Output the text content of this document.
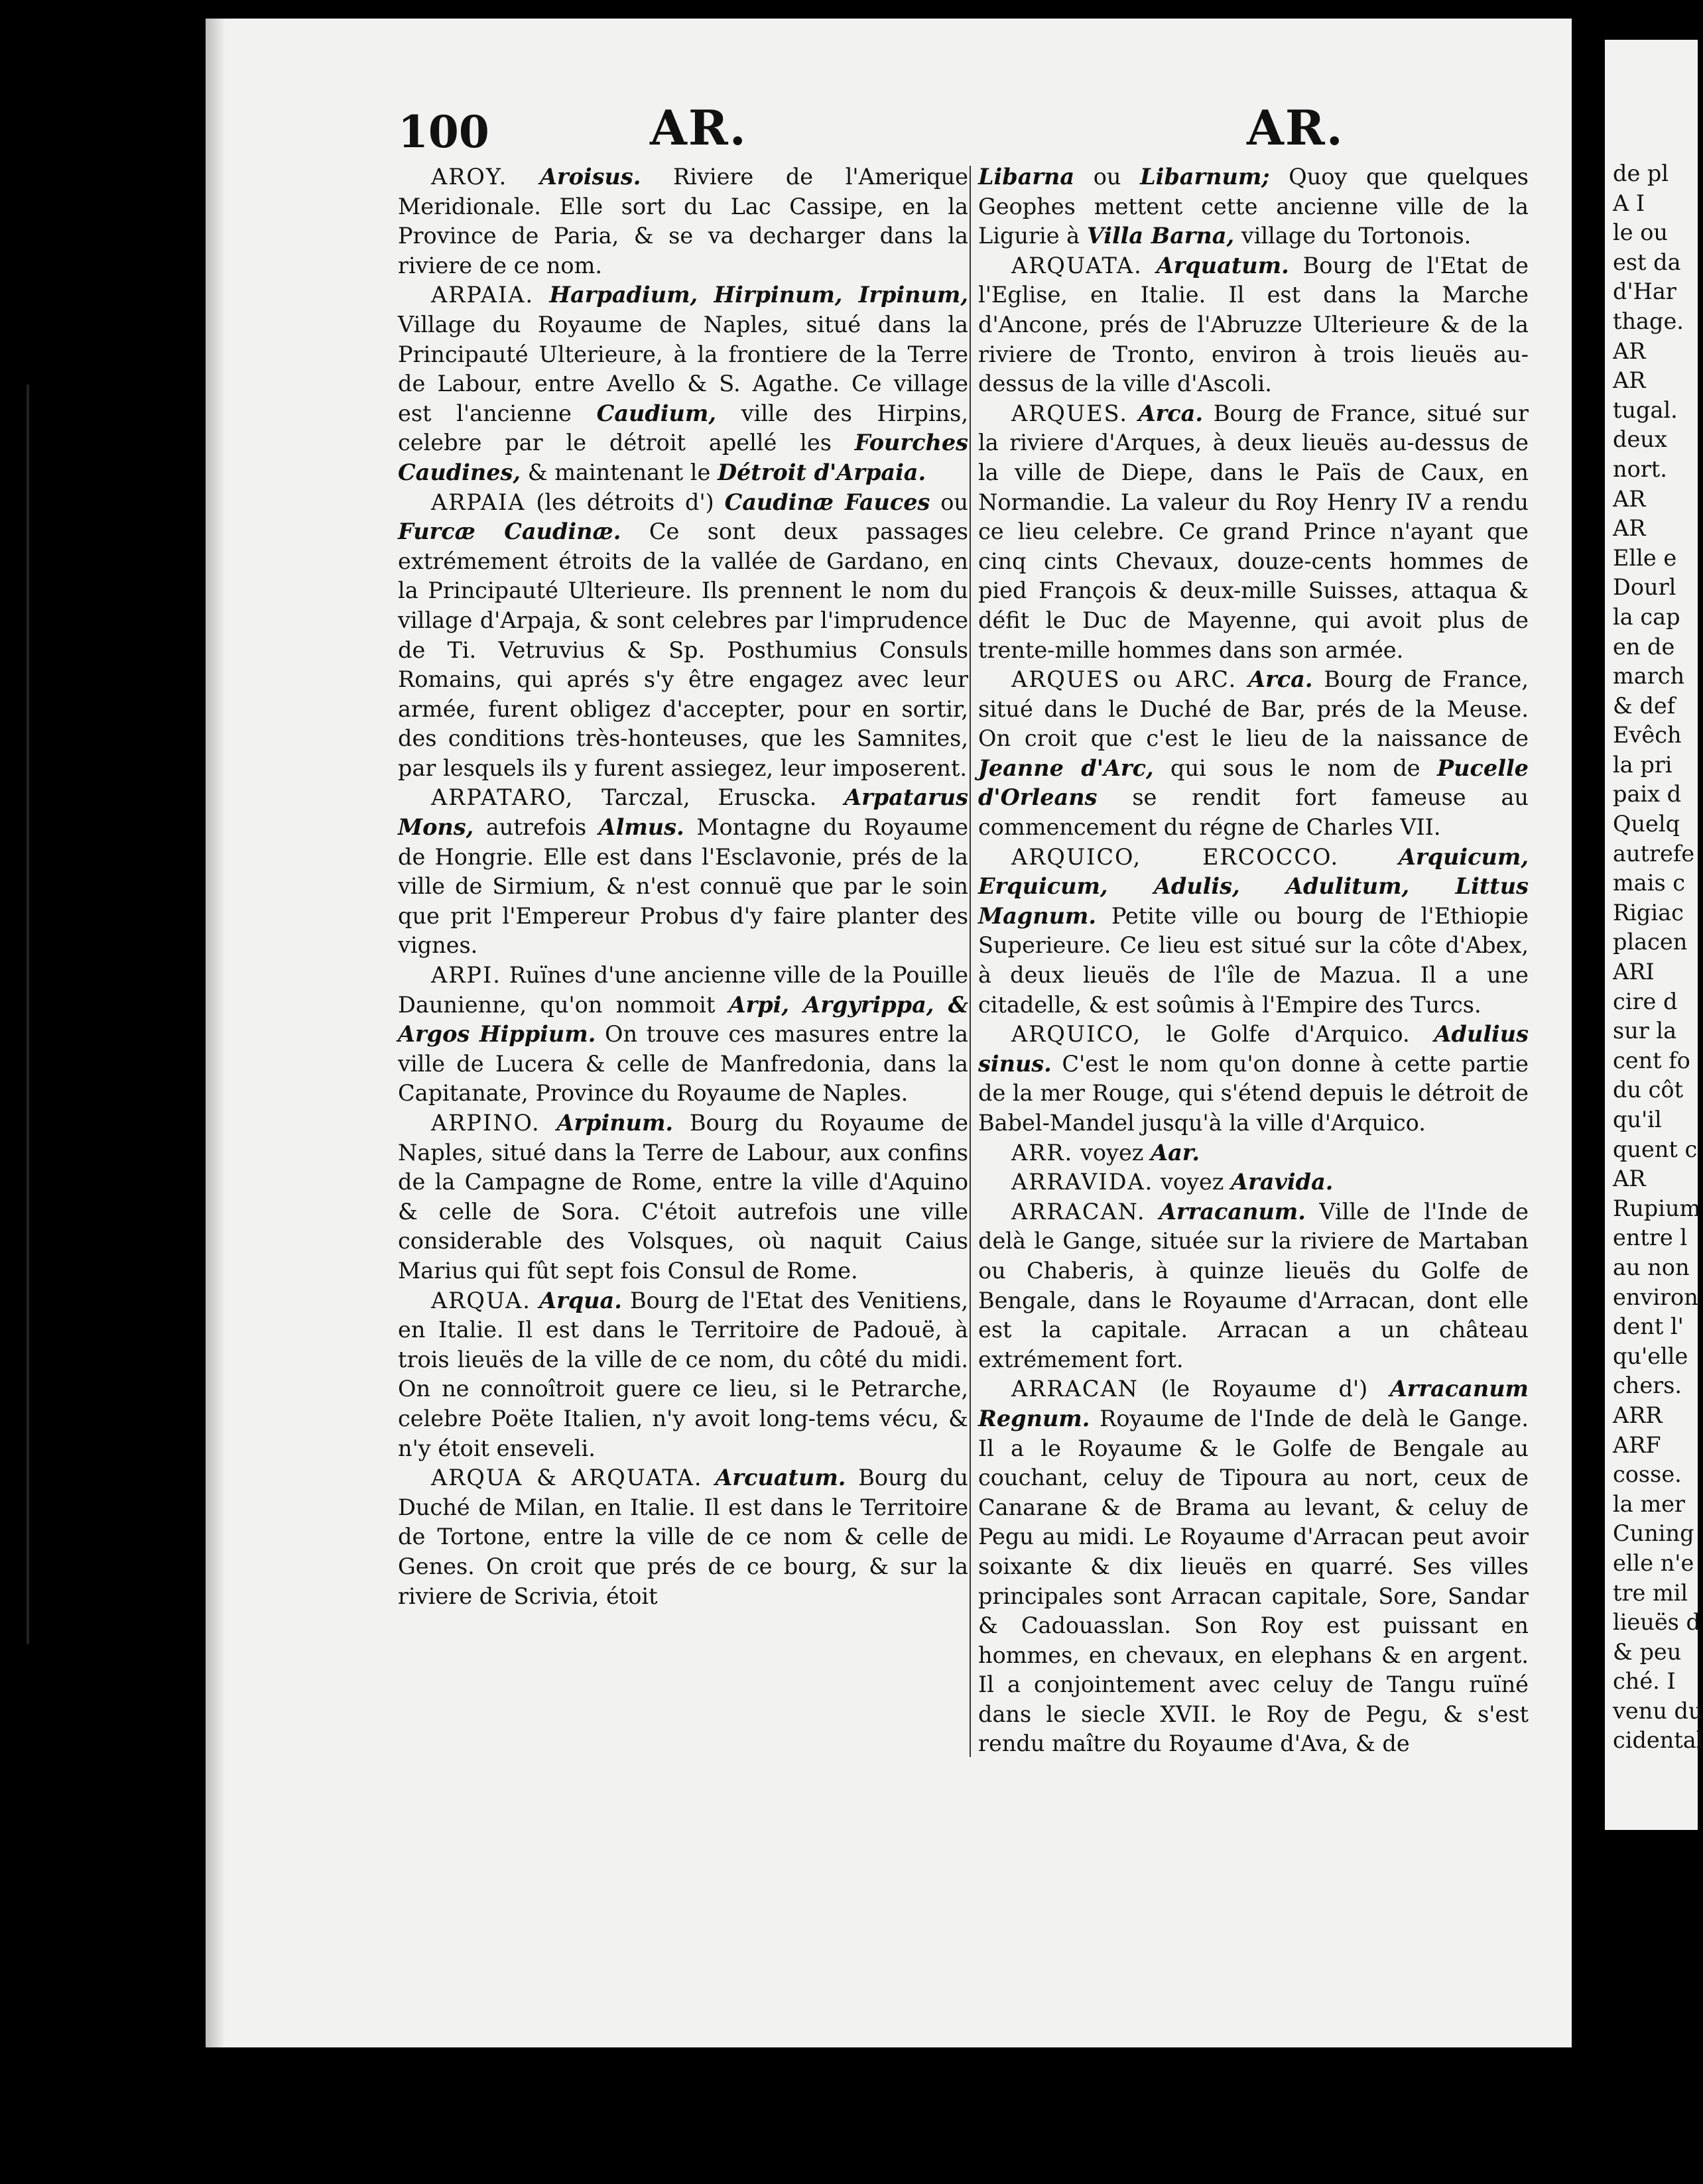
100	AR.	AR.

AROY. Aroisus. Riviere de l'Amerique Meridionale. Elle sort du Lac Cassipe, en la Province de Paria, & se va decharger dans la riviere de ce nom.

ARPAIA. Harpadium, Hirpinum, Irpinum, Village du Royaume de Naples, situé dans la Principauté Ulterieure, à la frontiere de la Terre de Labour, entre Avello & S. Agathe. Ce village est l'ancienne Caudium, ville des Hirpins, celebre par le détroit apellé les Fourches Caudines, & maintenant le Détroit d'Arpaia.

ARPAIA (les détroits d') Caudinæ Fauces ou Furcæ Caudinæ. Ce sont deux passages extrémement étroits de la vallée de Gardano, en la Principauté Ulterieure. Ils prennent le nom du village d'Arpaja, & sont celebres par l'imprudence de Ti. Vetruvius & Sp. Posthumius Consuls Romains, qui aprés s'y être engagez avec leur armée, furent obligez d'accepter, pour en sortir, des conditions très-honteuses, que les Samnites, par lesquels ils y furent assiegez, leur imposerent.

ARPATARO, Tarczal, Eruscka. Arpatarus Mons, autrefois Almus. Montagne du Royaume de Hongrie. Elle est dans l'Esclavonie, prés de la ville de Sirmium, & n'est connuë que par le soin que prit l'Empereur Probus d'y faire planter des vignes.

ARPI. Ruïnes d'une ancienne ville de la Pouille Daunienne, qu'on nommoit Arpi, Argyrippa, & Argos Hippium. On trouve ces masures entre la ville de Lucera & celle de Manfredonia, dans la Capitanate, Province du Royaume de Naples.

ARPINO. Arpinum. Bourg du Royaume de Naples, situé dans la Terre de Labour, aux confins de la Campagne de Rome, entre la ville d'Aquino & celle de Sora. C'étoit autrefois une ville considerable des Volsques, où naquit Caius Marius qui fût sept fois Consul de Rome.

ARQUA. Arqua. Bourg de l'Etat des Venitiens, en Italie. Il est dans le Territoire de Padouë, à trois lieuës de la ville de ce nom, du côté du midi. On ne connoîtroit guere ce lieu, si le Petrarche, celebre Poëte Italien, n'y avoit long-tems vécu, & n'y étoit enseveli.

ARQUA & ARQUATA. Arcuatum. Bourg du Duché de Milan, en Italie. Il est dans le Territoire de Tortone, entre la ville de ce nom & celle de Genes. On croit que prés de ce bourg, & sur la riviere de Scrivia, étoit

Libarna ou Libarnum; Quoy que quelques Geophes mettent cette ancienne ville de la Ligurie à Villa Barna, village du Tortonois.

ARQUATA. Arquatum. Bourg de l'Etat de l'Eglise, en Italie. Il est dans la Marche d'Ancone, prés de l'Abruzze Ulterieure & de la riviere de Tronto, environ à trois lieuës au-dessus de la ville d'Ascoli.

ARQUES. Arca. Bourg de France, situé sur la riviere d'Arques, à deux lieuës au-dessus de la ville de Diepe, dans le Païs de Caux, en Normandie. La valeur du Roy Henry IV a rendu ce lieu celebre. Ce grand Prince n'ayant que cinq cints Chevaux, douze-cents hommes de pied François & deux-mille Suisses, attaqua & défit le Duc de Mayenne, qui avoit plus de trente-mille hommes dans son armée.

ARQUES ou ARC. Arca. Bourg de France, situé dans le Duché de Bar, prés de la Meuse. On croit que c'est le lieu de la naissance de Jeanne d'Arc, qui sous le nom de Pucelle d'Orleans se rendit fort fameuse au commencement du régne de Charles VII.

ARQUICO, ERCOCCO.	Arquicum, Erquicum, Adulis, Adulitum, Littus Magnum. Petite ville ou bourg de l'Ethiopie Superieure. Ce lieu est situé sur la côte d'Abex, à deux lieuës de l'île de Mazua. Il a une citadelle, & est soûmis à l'Empire des Turcs.

ARQUICO, le Golfe d'Arquico. Adulius sinus. C'est le nom qu'on donne à cette partie de la mer Rouge, qui s'étend depuis le détroit de Babel-Mandel jusqu'à la ville d'Arquico.

ARR. voyez Aar.

ARRAVIDA. voyez Aravida.

ARRACAN. Arracanum. Ville de l'Inde de delà le Gange, située sur la riviere de Martaban ou Chaberis, à quinze lieuës du Golfe de Bengale, dans le Royaume d'Arracan, dont elle est la capitale. Arracan a un château extrémement fort.

ARRACAN (le Royaume d') Arracanum Regnum. Royaume de l'Inde de delà le Gange. Il a le Royaume & le Golfe de Bengale au couchant, celuy de Tipoura au nort, ceux de Canarane & de Brama au levant, & celuy de Pegu au midi. Le Royaume d'Arracan peut avoir soixante & dix lieuës en quarré. Ses villes principales sont Arracan capitale, Sore, Sandar & Cadouasslan. Son Roy est puissant en hommes, en chevaux, en elephans & en argent. Il a conjointement avec celuy de Tangu ruïné dans le siecle XVII. le Roy de Pegu, & s'est rendu maître du Royaume d'Ava, & de

de pl
A I
le ou
est da
d'Har
thage.
AR
AR
tugal.
deux
nort.
AR
AR
Elle e
Dourl
la cap
en de
march
& def
Evêch
la pri
paix d
Quelq
autrefe
mais c
Rigiac
placen
ARI
cire d
sur la
cent fo
du côt
qu'il
quent c
AR
Rupium
entre l
au non
environ
dent l'
qu'elle
chers.
ARR
ARF
cosse.
la mer
Cuning
elle n'e
tre mil
lieuës d
& peu
ché. I
venu du
cidental
